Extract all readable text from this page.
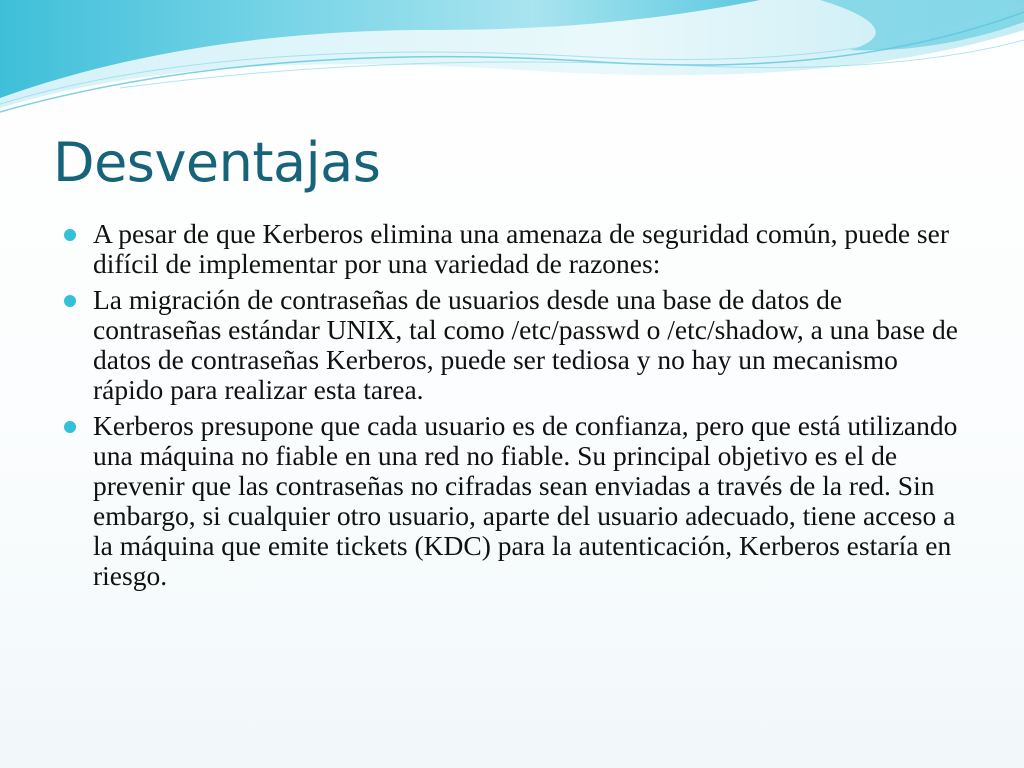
Desventajas
A pesar de que Kerberos elimina una amenaza de seguridad común, puede ser difícil de implementar por una variedad de razones:
La migración de contraseñas de usuarios desde una base de datos de contraseñas estándar UNIX, tal como /etc/passwd o /etc/shadow, a una base de datos de contraseñas Kerberos, puede ser tediosa y no hay un mecanismo rápido para realizar esta tarea.
Kerberos presupone que cada usuario es de confianza, pero que está utilizando una máquina no fiable en una red no fiable. Su principal objetivo es el de prevenir que las contraseñas no cifradas sean enviadas a través de la red. Sin embargo, si cualquier otro usuario, aparte del usuario adecuado, tiene acceso a la máquina que emite tickets (KDC) para la autenticación, Kerberos estaría en riesgo.
